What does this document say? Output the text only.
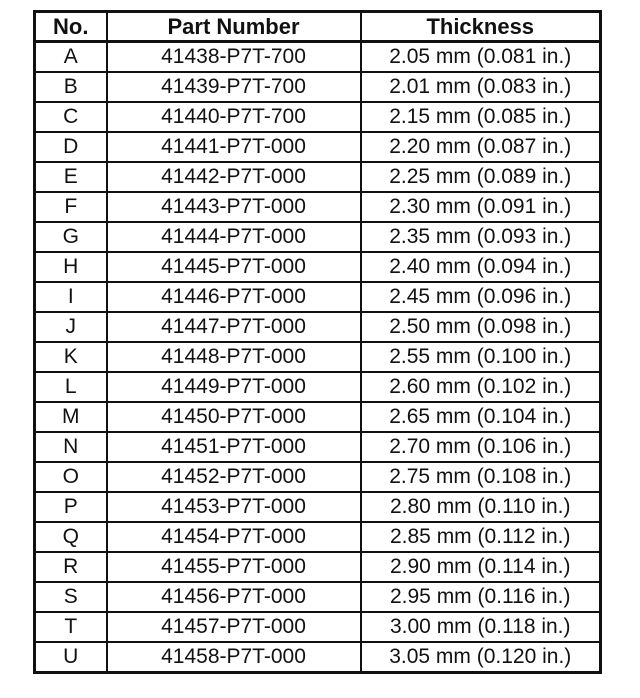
No.	Part Number	Thickness
A	41438-P7T-700	2.05 mm (0.081 in.)
B	41439-P7T-700	2.01 mm (0.083 in.)
C	41440-P7T-700	2.15 mm (0.085 in.)
D	41441-P7T-000	2.20 mm (0.087 in.)
E	41442-P7T-000	2.25 mm (0.089 in.)
F	41443-P7T-000	2.30 mm (0.091 in.)
G	41444-P7T-000	2.35 mm (0.093 in.)
H	41445-P7T-000	2.40 mm (0.094 in.)
I	41446-P7T-000	2.45 mm (0.096 in.)
J	41447-P7T-000	2.50 mm (0.098 in.)
K	41448-P7T-000	2.55 mm (0.100 in.)
L	41449-P7T-000	2.60 mm (0.102 in.)
M	41450-P7T-000	2.65 mm (0.104 in.)
N	41451-P7T-000	2.70 mm (0.106 in.)
O	41452-P7T-000	2.75 mm (0.108 in.)
P	41453-P7T-000	2.80 mm (0.110 in.)
Q	41454-P7T-000	2.85 mm (0.112 in.)
R	41455-P7T-000	2.90 mm (0.114 in.)
S	41456-P7T-000	2.95 mm (0.116 in.)
T	41457-P7T-000	3.00 mm (0.118 in.)
U	41458-P7T-000	3.05 mm (0.120 in.)
